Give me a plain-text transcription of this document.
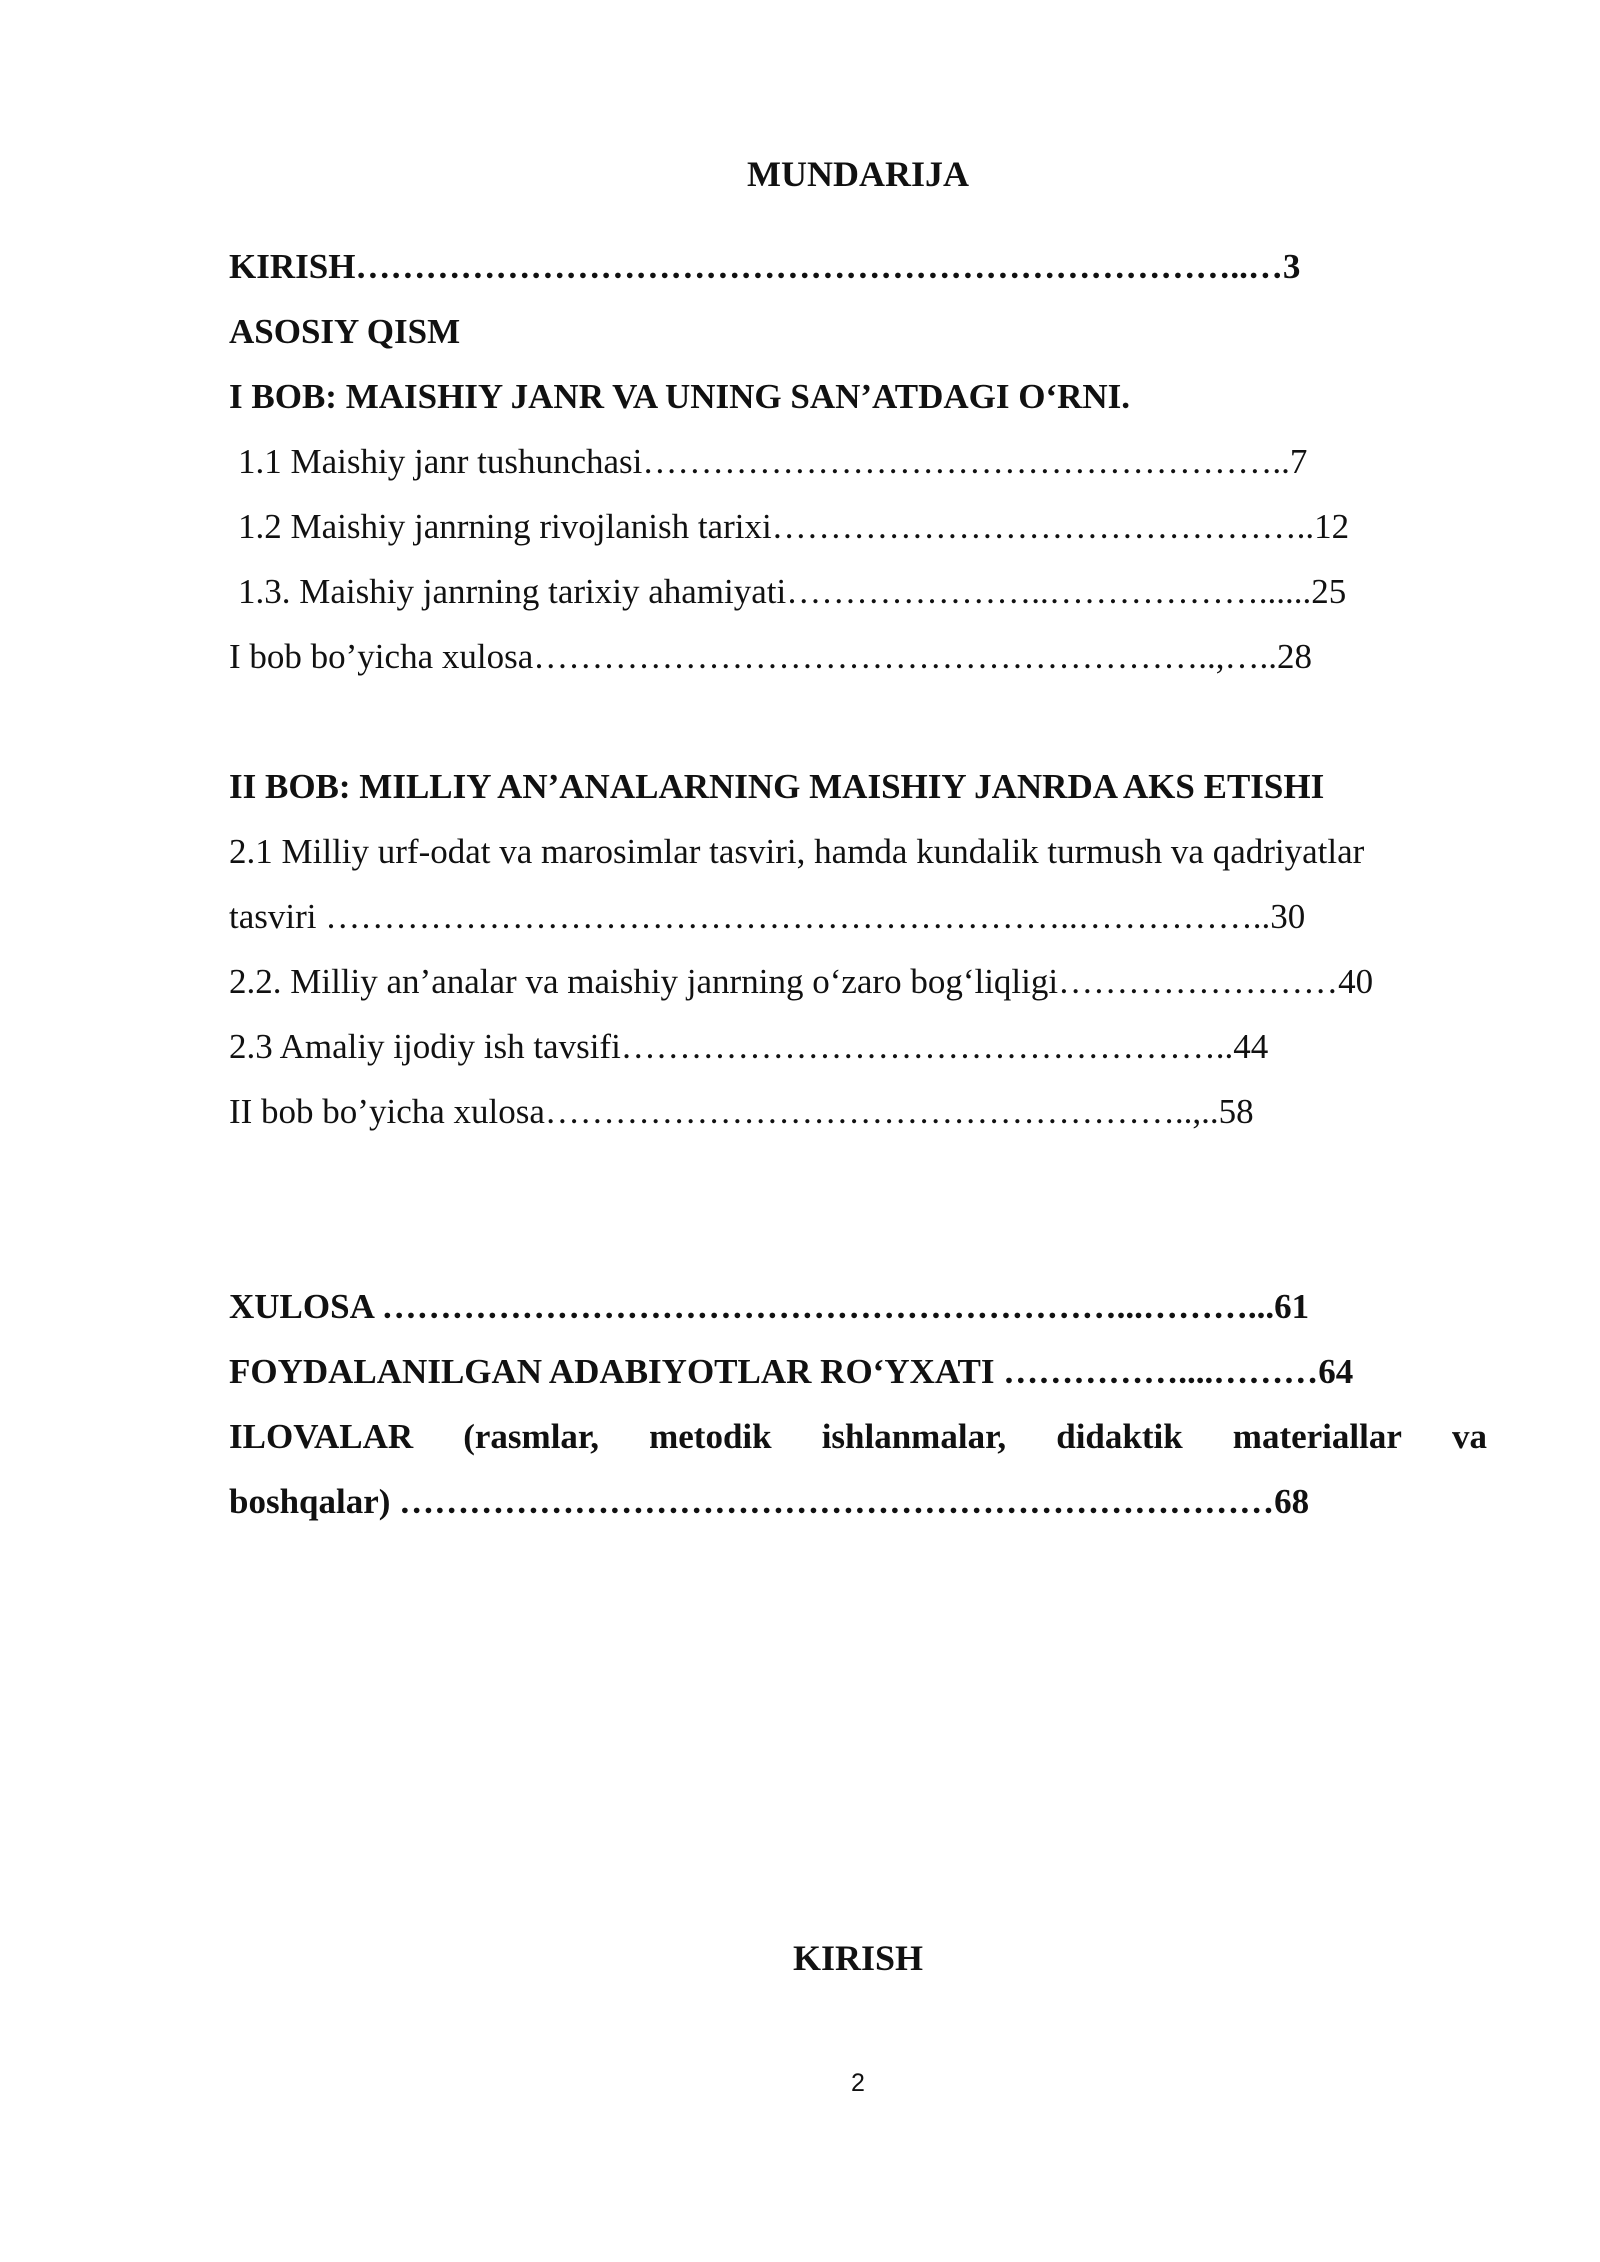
MUNDARIJA
KIRISH…………………………………………………………………..…3
ASOSIY QISM
I BOB: MAISHIY JANR VA UNING SAN’ATDAGI O‘RNI.
1.1 Maishiy janr tushunchasi………………………………………………..7
1.2 Maishiy janrning rivojlanish tarixi………………………………………..12
1.3. Maishiy janrning tarixiy ahamiyati…………………..………………......25
I bob bo’yicha xulosa…………………………………………………..,…..28
II BOB: MILLIY AN’ANALARNING MAISHIY JANRDA AKS ETISHI
2.1 Milliy urf-odat va marosimlar tasviri, hamda kundalik turmush va qadriyatlar
tasviri ………………………………………………………..……………..30
2.2. Milliy an’analar va maishiy janrning o‘zaro bog‘liqligi……………………40
2.3 Amaliy ijodiy ish tavsifi……………………………………………..44
II bob bo’yicha xulosa………………………………………………..,..58
XULOSA ………………………………………………………...………...61
FOYDALANILGAN ADABIYOTLAR RO‘YXATI ……………....………64
ILOVALAR (rasmlar, metodik ishlanmalar, didaktik materiallar va
boshqalar) …………………………………………………………………68
KIRISH
2
